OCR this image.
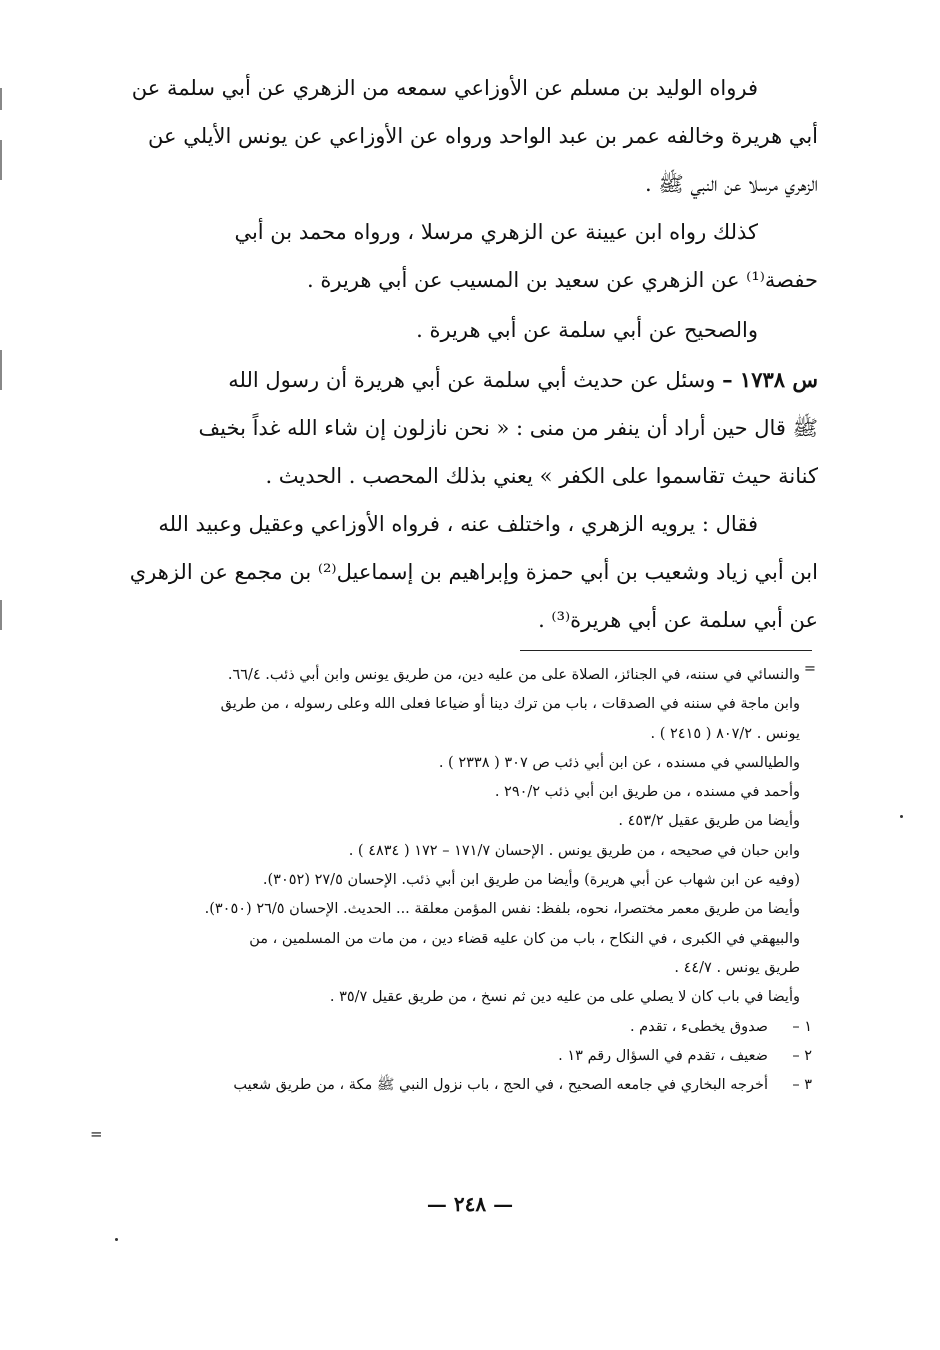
فرواه الوليد بن مسلم عن الأوزاعي سمعه من الزهري عن أبي سلمة عن
أبي هريرة وخالفه عمر بن عبد الواحد ورواه عن الأوزاعي عن يونس الأيلي عن
الزهري مرسلا عن النبي ﷺ .
كذلك رواه ابن عيينة عن الزهري مرسلا ، ورواه محمد بن أبي
حفصة⁽¹⁾ عن الزهري عن سعيد بن المسيب عن أبي هريرة .
والصحيح عن أبي سلمة عن أبي هريرة .
س ١٧٣٨ – وسئل عن حديث أبي سلمة عن أبي هريرة أن رسول الله
ﷺ قال حين أراد أن ينفر من منى : « نحن نازلون إن شاء الله غداً بخيف
كنانة حيث تقاسموا على الكفر » يعني بذلك المحصب . الحديث .
فقال : يرويه الزهري ، واختلف عنه ، فرواه الأوزاعي وعقيل وعبيد الله
ابن أبي زياد وشعيب بن أبي حمزة وإبراهيم بن إسماعيل⁽²⁾ بن مجمع عن الزهري
عن أبي سلمة عن أبي هريرة⁽³⁾ .
=
والنسائي في سننه، في الجنائز، الصلاة على من عليه دين، من طريق يونس وابن أبي ذئب. ٦٦/٤.
وابن ماجة في سننه في الصدقات ، باب من ترك دينا أو ضياعا فعلى الله وعلى رسوله ، من طريق
يونس . ٨٠٧/٢ ( ٢٤١٥ ) .
والطيالسي في مسنده ، عن ابن أبي ذئب ص ٣٠٧ ( ٢٣٣٨ ) .
وأحمد في مسنده ، من طريق ابن أبي ذئب ٢٩٠/٢ .
وأيضا من طريق عقيل ٤٥٣/٢ .
وابن حبان في صحيحه ، من طريق يونس . الإحسان ١٧١/٧ – ١٧٢ ( ٤٨٣٤ ) .
(وفيه عن ابن شهاب عن أبي هريرة) وأيضا من طريق ابن أبي ذئب. الإحسان ٢٧/٥ (٣٠٥٢).
وأيضا من طريق معمر مختصرا، نحوه، بلفظ: نفس المؤمن معلقة ... الحديث. الإحسان ٢٦/٥ (٣٠٥٠).
والبيهقي في الكبرى ، في النكاح ، باب من كان عليه قضاء دين ، من مات من المسلمين ، من
طريق يونس . ٤٤/٧ .
وأيضا في باب كان لا يصلي على من عليه دين ثم نسخ ، من طريق عقيل ٣٥/٧ .
١ –صدوق يخطىء ، تقدم .
٢ –ضعيف ، تقدم في السؤال رقم ١٣ .
٣ –أخرجه البخاري في جامعه الصحيح ، في الحج ، باب نزول النبي ﷺ مكة ، من طريق شعيب
=
— ٢٤٨ —
